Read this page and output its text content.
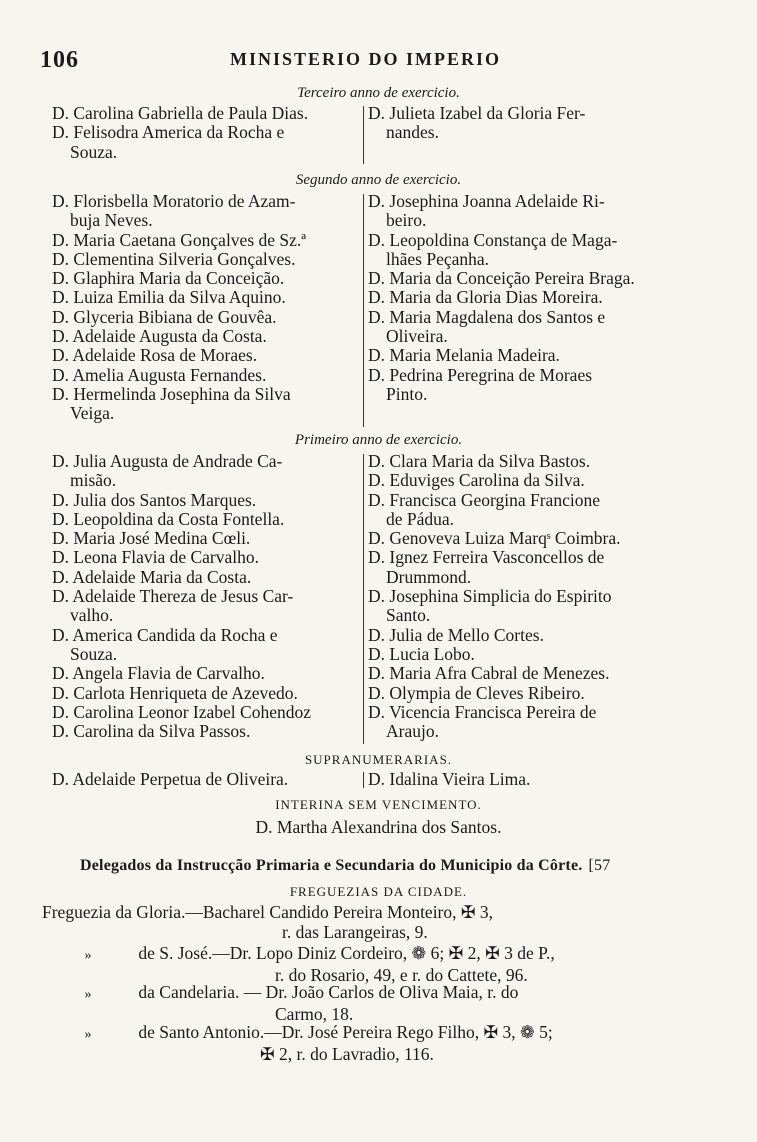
106	MINISTERIO DO IMPERIO
Terceiro anno de exercicio.
D. Carolina Gabriella de Paula Dias.
D. Felisodra America da Rocha e
Souza.
D. Julieta Izabel da Gloria Fer-
nandes.
Segundo anno de exercicio.
D. Florisbella Moratorio de Azam-
buja Neves.
D. Maria Caetana Gonçalves de Sz.ª
D. Clementina Silveria Gonçalves.
D. Glaphira Maria da Conceição.
D. Luiza Emilia da Silva Aquino.
D. Glyceria Bibiana de Gouvêa.
D. Adelaide Augusta da Costa.
D. Adelaide Rosa de Moraes.
D. Amelia Augusta Fernandes.
D. Hermelinda Josephina da Silva
Veiga.
D. Josephina Joanna Adelaide Ri-
beiro.
D. Leopoldina Constança de Maga-
lhães Peçanha.
D. Maria da Conceição Pereira Braga.
D. Maria da Gloria Dias Moreira.
D. Maria Magdalena dos Santos e
Oliveira.
D. Maria Melania Madeira.
D. Pedrina Peregrina de Moraes
Pinto.
Primeiro anno de exercicio.
D. Julia Augusta de Andrade Ca-
misão.
D. Julia dos Santos Marques.
D. Leopoldina da Costa Fontella.
D. Maria José Medina Cœli.
D. Leona Flavia de Carvalho.
D. Adelaide Maria da Costa.
D. Adelaide Thereza de Jesus Car-
valho.
D. America Candida da Rocha e
Souza.
D. Angela Flavia de Carvalho.
D. Carlota Henriqueta de Azevedo.
D. Carolina Leonor Izabel Cohendoz
D. Carolina da Silva Passos.
D. Clara Maria da Silva Bastos.
D. Eduviges Carolina da Silva.
D. Francisca Georgina Francione
de Pádua.
D. Genoveva Luiza Marqˢ Coimbra.
D. Ignez Ferreira Vasconcellos de
Drummond.
D. Josephina Simplicia do Espirito
Santo.
D. Julia de Mello Cortes.
D. Lucia Lobo.
D. Maria Afra Cabral de Menezes.
D. Olympia de Cleves Ribeiro.
D. Vicencia Francisca Pereira de
Araujo.
SUPRANUMERARIAS.
D. Adelaide Perpetua de Oliveira.	D. Idalina Vieira Lima.
INTERINA SEM VENCIMENTO.
D. Martha Alexandrina dos Santos.
Delegados da Instrucção Primaria e Secundaria do Municipio da Côrte. [57
FREGUEZIAS DA CIDADE.
Freguezia da Gloria.—Bacharel Candido Pereira Monteiro, ✠ 3,
r. das Larangeiras, 9.
»	de S. José.—Dr. Lopo Diniz Cordeiro, ❁ 6; ✠ 2, ✠ 3 de P.,
r. do Rosario, 49, e r. do Cattete, 96.
»	da Candelaria. — Dr. João Carlos de Oliva Maia, r. do
Carmo, 18.
»	de Santo Antonio.—Dr. José Pereira Rego Filho, ✠ 3, ❁ 5;
✠ 2, r. do Lavradio, 116.
